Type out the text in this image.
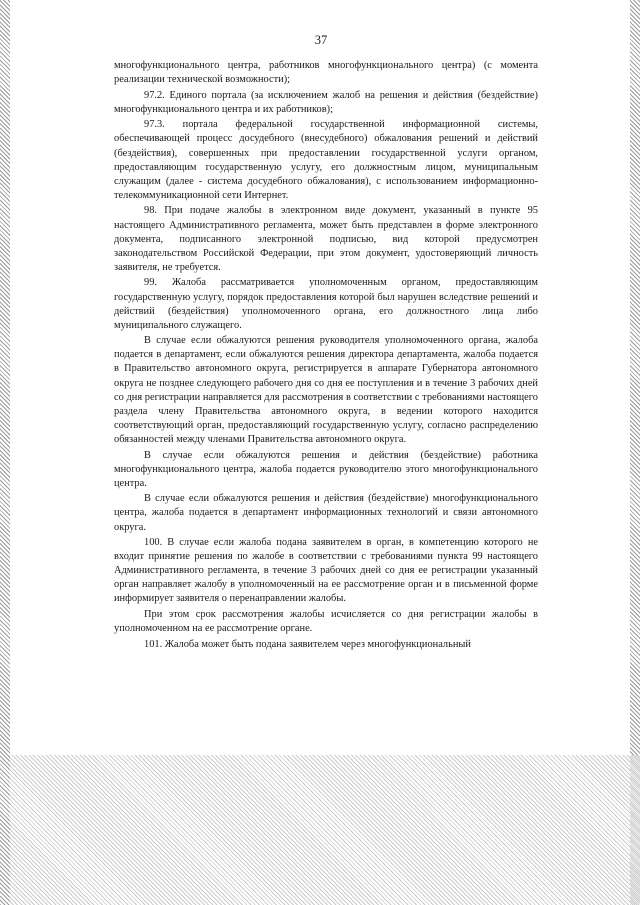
37

многофункционального центра, работников многофункционального центра) (с момента реализации технической возможности);

97.2. Единого портала (за исключением жалоб на решения и действия (бездействие) многофункционального центра и их работников);

97.3. портала федеральной государственной информационной системы, обеспечивающей процесс досудебного (внесудебного) обжалования решений и действий (бездействия), совершенных при предоставлении государственной услуги органом, предоставляющим государственную услугу, его должностным лицом, муниципальным служащим (далее - система досудебного обжалования), с использованием информационно-телекоммуникационной сети Интернет.

98. При подаче жалобы в электронном виде документ, указанный в пункте 95 настоящего Административного регламента, может быть представлен в форме электронного документа, подписанного электронной подписью, вид которой предусмотрен законодательством Российской Федерации, при этом документ, удостоверяющий личность заявителя, не требуется.

99. Жалоба рассматривается уполномоченным органом, предоставляющим государственную услугу, порядок предоставления которой был нарушен вследствие решений и действий (бездействия) уполномоченного органа, его должностного лица либо муниципального служащего.

В случае если обжалуются решения руководителя уполномоченного органа, жалоба подается в департамент, если обжалуются решения директора департамента, жалоба подается в Правительство автономного округа, регистрируется в аппарате Губернатора автономного округа не позднее следующего рабочего дня со дня ее поступления и в течение 3 рабочих дней со дня регистрации направляется для рассмотрения в соответствии с требованиями настоящего раздела члену Правительства автономного округа, в ведении которого находится соответствующий орган, предоставляющий государственную услугу, согласно распределению обязанностей между членами Правительства автономного округа.

В случае если обжалуются решения и действия (бездействие) работника многофункционального центра, жалоба подается руководителю этого многофункционального центра.

В случае если обжалуются решения и действия (бездействие) многофункционального центра, жалоба подается в департамент информационных технологий и связи автономного округа.

100. В случае если жалоба подана заявителем в орган, в компетенцию которого не входит принятие решения по жалобе в соответствии с требованиями пункта 99 настоящего Административного регламента, в течение 3 рабочих дней со дня ее регистрации указанный орган направляет жалобу в уполномоченный на ее рассмотрение орган и в письменной форме информирует заявителя о перенаправлении жалобы.

При этом срок рассмотрения жалобы исчисляется со дня регистрации жалобы в уполномоченном на ее рассмотрение органе.

101. Жалоба может быть подана заявителем через многофункциональный
